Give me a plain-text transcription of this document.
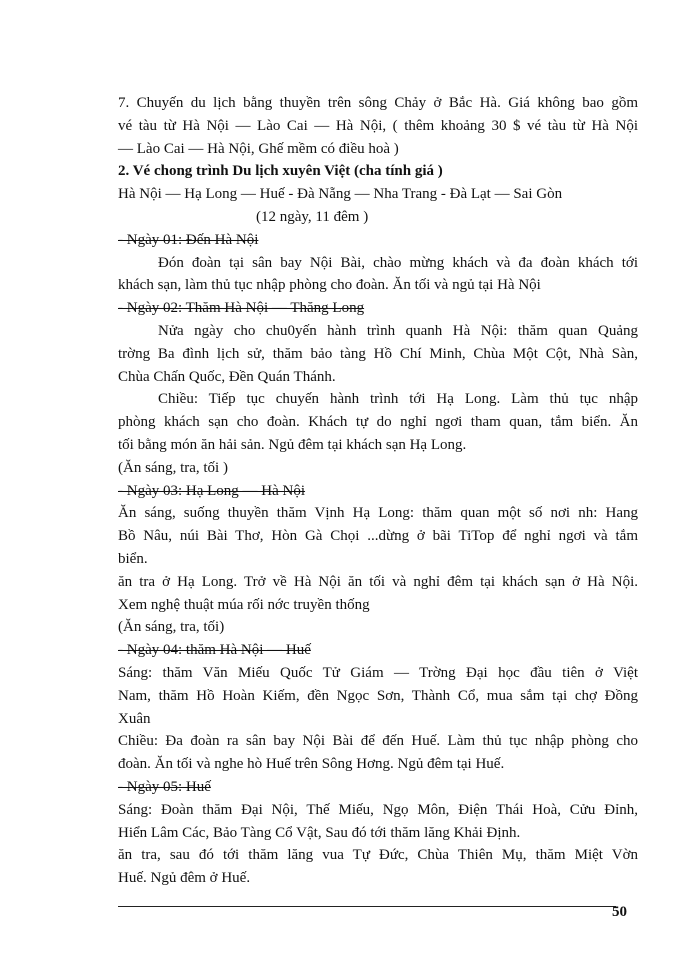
7. Chuyến du lịch bằng thuyền trên sông Chảy ở Bắc Hà. Giá không bao gồm
vé tàu từ Hà Nội — Lào Cai — Hà Nội, ( thêm khoảng 30 $ vé tàu từ Hà Nội
— Lào Cai — Hà Nội, Ghế mềm có điều hoà )
2. Vé chong trình Du lịch xuyên Việt (cha tính giá )
Hà Nội — Hạ Long — Huế - Đà Nẵng — Nha Trang - Đà Lạt — Sai Gòn
(12 ngày, 11 đêm )
- Ngày 01: Đến Hà Nội
Đón đoàn tại sân bay Nội Bài, chào mừng khách và đa đoàn khách tới
khách sạn, làm thủ tục nhập phòng cho đoàn. Ăn tối và ngủ tại Hà Nội
- Ngày 02: Thăm Hà Nội — Thăng Long
Nửa ngày cho chu0yến hành trình quanh Hà Nội: thăm quan Quảng
trờng Ba đình lịch sử, thăm bảo tàng Hồ Chí Minh, Chùa Một Cột, Nhà Sàn,
Chùa Chấn Quốc, Đền Quán Thánh.
Chiều: Tiếp tục chuyến hành trình tới Hạ Long. Làm thủ tục nhập
phòng khách sạn cho đoàn. Khách tự do nghỉ ngơi tham quan, tắm biển. Ăn
tối bằng món ăn hải sản. Ngủ đêm tại khách sạn Hạ Long.
(Ăn sáng, tra, tối )
- Ngày 03: Hạ Long — Hà Nội
Ăn sáng, suống thuyền thăm Vịnh Hạ Long: thăm quan một số nơi nh: Hang
Bồ Nâu, núi Bài Thơ, Hòn Gà Chọi ...dừng ở bãi TiTop để nghỉ ngơi và tắm
biển.
ăn tra ở Hạ Long. Trở về Hà Nội ăn tối và nghỉ đêm tại khách sạn ở Hà Nội.
Xem nghệ thuật múa rối nớc truyền thống
(Ăn sáng, tra, tối)
- Ngày 04: thăm Hà Nội — Huế
Sáng: thăm Văn Miếu Quốc Tử Giám — Trờng Đại học đầu tiên ở Việt
Nam, thăm Hồ Hoàn Kiếm, đền Ngọc Sơn, Thành Cổ, mua sắm tại chợ Đồng
Xuân
Chiều: Đa đoàn ra sân bay Nội Bài để đến Huế. Làm thủ tục nhập phòng cho
đoàn. Ăn tối và nghe hò Huế trên Sông Hơng. Ngủ đêm tại Huế.
- Ngày 05: Huế
Sáng: Đoàn thăm Đại Nội, Thế Miếu, Ngọ Môn, Điện Thái Hoà, Cửu Đỉnh,
Hiển Lâm Các, Bảo Tàng Cổ Vật, Sau đó tới thăm lăng Khải Định.
ăn tra, sau đó tới thăm lăng vua Tự Đức, Chùa Thiên Mụ, thăm Miệt Vờn
Huế. Ngủ đêm ở Huế.
50
